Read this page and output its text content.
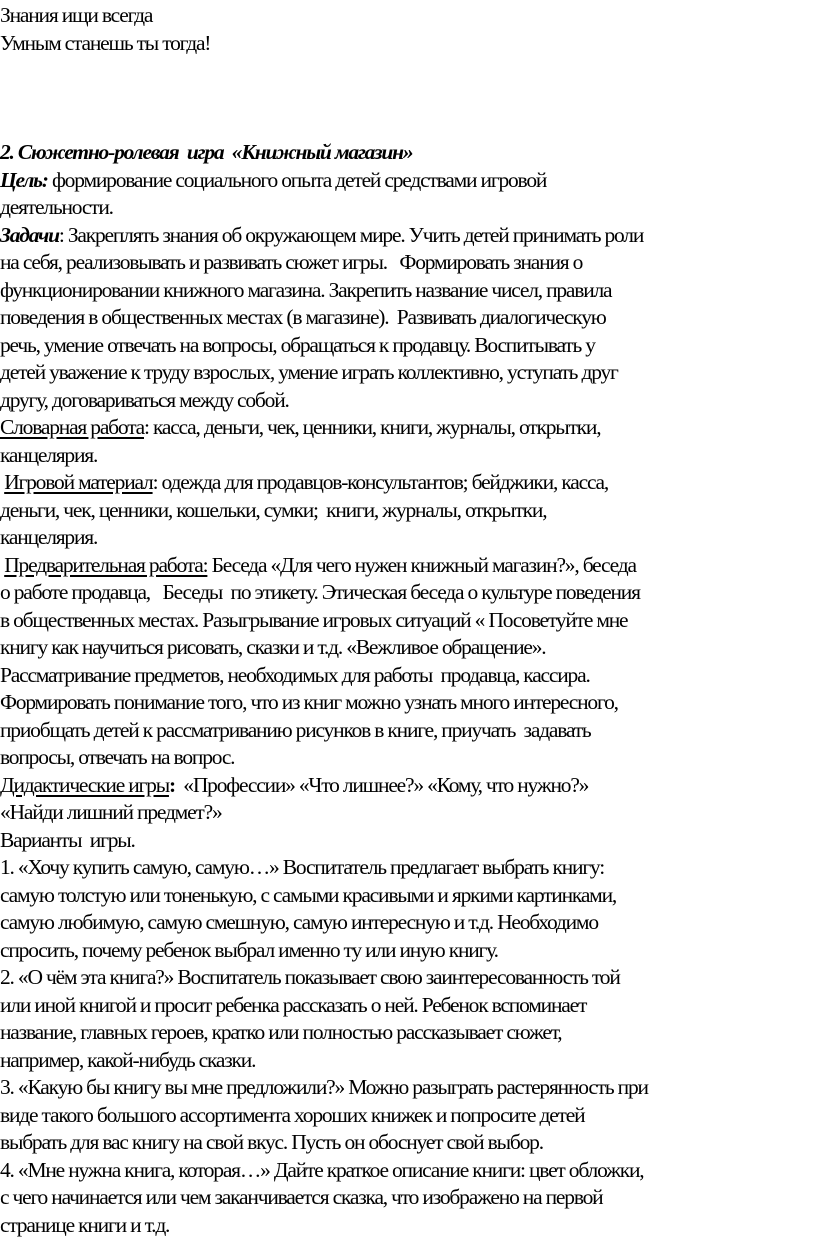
Знания ищи всегда
Умным станешь ты тогда!
2. Сюжетно-ролевая  игра  «Книжный магазин»
Цель: формирование социального опыта детей средствами игровой
деятельности.
Задачи: Закреплять знания об окружающем мире. Учить детей принимать роли
на себя, реализовывать и развивать сюжет игры.   Формировать знания о
функционировании книжного магазина. Закрепить название чисел, правила
поведения в общественных местах (в магазине).  Развивать диалогическую
речь, умение отвечать на вопросы, обращаться к продавцу. Воспитывать у
детей уважение к труду взрослых, умение играть коллективно, уступать друг
другу, договариваться между собой.
Словарная работа: касса, деньги, чек, ценники, книги, журналы, открытки,
канцелярия.
Игровой материал: одежда для продавцов-консультантов; бейджики, касса,
деньги, чек, ценники, кошельки, сумки;  книги, журналы, открытки,
канцелярия.
Предварительная работа: Беседа «Для чего нужен книжный магазин?», беседа
о работе продавца,   Беседы  по этикету. Этическая беседа о культуре поведения
в общественных местах. Разыгрывание игровых ситуаций « Посоветуйте мне
книгу как научиться рисовать, сказки и т.д. «Вежливое обращение».
Рассматривание предметов, необходимых для работы  продавца, кассира.
Формировать понимание того, что из книг можно узнать много интересного,
приобщать детей к рассматриванию рисунков в книге, приучать  задавать
вопросы, отвечать на вопрос.
Дидактические игры:  «Профессии» «Что лишнее?» «Кому, что нужно?»
«Найди лишний предмет?»
Варианты  игры.
1. «Хочу купить самую, самую…» Воспитатель предлагает выбрать книгу:
самую толстую или тоненькую, с самыми красивыми и яркими картинками,
самую любимую, самую смешную, самую интересную и т.д. Необходимо
спросить, почему ребенок выбрал именно ту или иную книгу.
2. «О чём эта книга?» Воспитатель показывает свою заинтересованность той
или иной книгой и просит ребенка рассказать о ней. Ребенок вспоминает
название, главных героев, кратко или полностью рассказывает сюжет,
например, какой-нибудь сказки.
3. «Какую бы книгу вы мне предложили?» Можно разыграть растерянность при
виде такого большого ассортимента хороших книжек и попросите детей
выбрать для вас книгу на свой вкус. Пусть он обоснует свой выбор.
4. «Мне нужна книга, которая…» Дайте краткое описание книги: цвет обложки,
с чего начинается или чем заканчивается сказка, что изображено на первой
странице книги и т.д.
